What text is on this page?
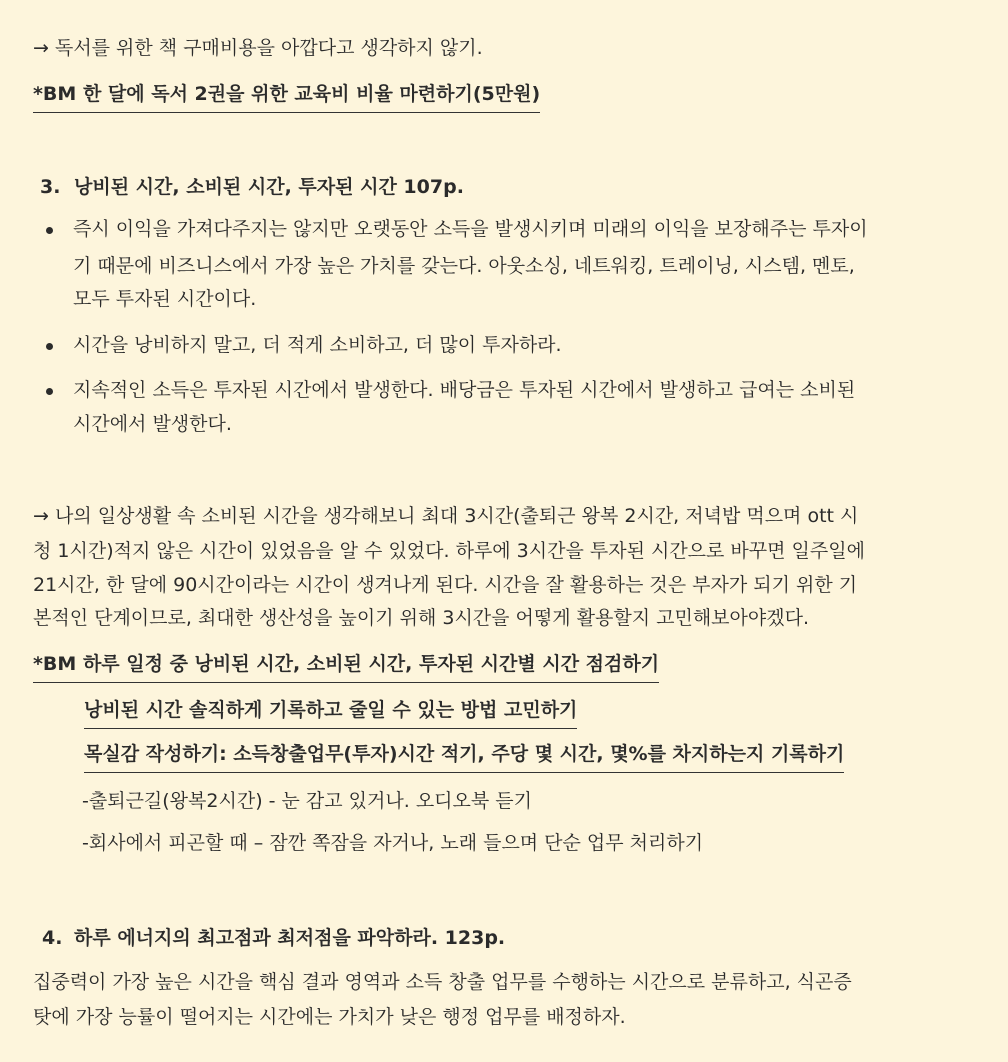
→ 독서를 위한 책 구매비용을 아깝다고 생각하지 않기.
*BM 한 달에 독서 2권을 위한 교육비 비율 마련하기(5만원)
3. 낭비된 시간, 소비된 시간, 투자된 시간 107p.
즉시 이익을 가져다주지는 않지만 오랫동안 소득을 발생시키며 미래의 이익을 보장해주는 투자이
기 때문에 비즈니스에서 가장 높은 가치를 갖는다. 아웃소싱, 네트워킹, 트레이닝, 시스템, 멘토,
모두 투자된 시간이다.
시간을 낭비하지 말고, 더 적게 소비하고, 더 많이 투자하라.
지속적인 소득은 투자된 시간에서 발생한다. 배당금은 투자된 시간에서 발생하고 급여는 소비된
시간에서 발생한다.
→ 나의 일상생활 속 소비된 시간을 생각해보니 최대 3시간(출퇴근 왕복 2시간, 저녁밥 먹으며 ott 시
청 1시간)적지 않은 시간이 있었음을 알 수 있었다. 하루에 3시간을 투자된 시간으로 바꾸면 일주일에
21시간, 한 달에 90시간이라는 시간이 생겨나게 된다. 시간을 잘 활용하는 것은 부자가 되기 위한 기
본적인 단계이므로, 최대한 생산성을 높이기 위해 3시간을 어떻게 활용할지 고민해보아야겠다.
*BM 하루 일정 중 낭비된 시간, 소비된 시간, 투자된 시간별 시간 점검하기
낭비된 시간 솔직하게 기록하고 줄일 수 있는 방법 고민하기
목실감 작성하기: 소득창출업무(투자)시간 적기, 주당 몇 시간, 몇%를 차지하는지 기록하기
-출퇴근길(왕복2시간) - 눈 감고 있거나. 오디오북 듣기
-회사에서 피곤할 때 – 잠깐 쪽잠을 자거나, 노래 들으며 단순 업무 처리하기
4. 하루 에너지의 최고점과 최저점을 파악하라. 123p.
집중력이 가장 높은 시간을 핵심 결과 영역과 소득 창출 업무를 수행하는 시간으로 분류하고, 식곤증
탓에 가장 능률이 떨어지는 시간에는 가치가 낮은 행정 업무를 배정하자.
